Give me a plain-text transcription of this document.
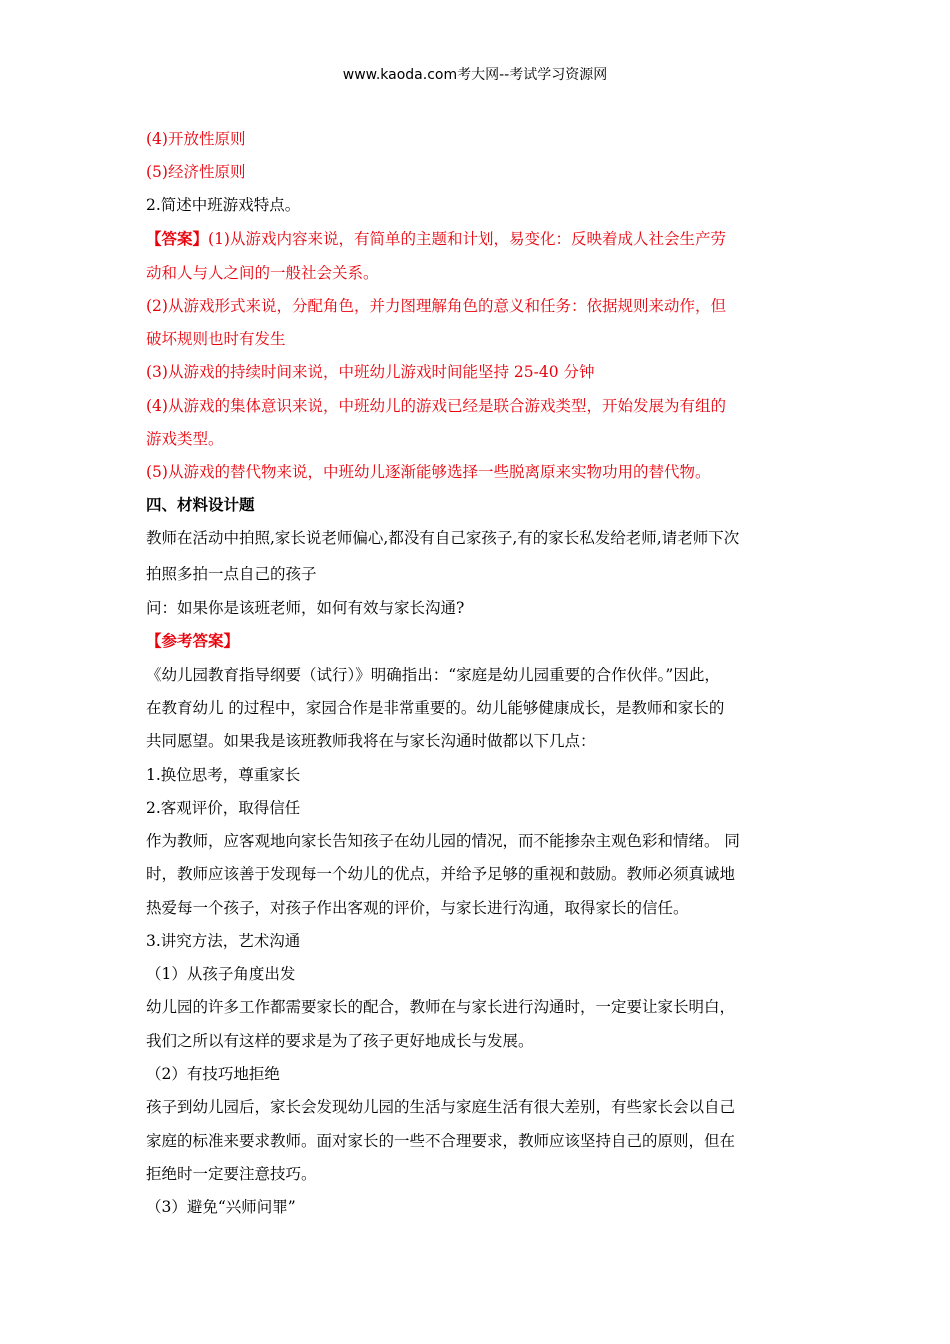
www.kaoda.com考大网--考试学习资源网
(4)开放性原则
(5)经济性原则
2.简述中班游戏特点。
【答案】(1)从游戏内容来说，有简单的主题和计划，易变化：反映着成人社会生产劳
动和人与人之间的一般社会关系。
(2)从游戏形式来说，分配角色，并力图理解角色的意义和任务：依据规则来动作，但
破坏规则也时有发生
(3)从游戏的持续时间来说，中班幼儿游戏时间能坚持 25-40 分钟
(4)从游戏的集体意识来说，中班幼儿的游戏已经是联合游戏类型，开始发展为有组的
游戏类型。
(5)从游戏的替代物来说，中班幼儿逐渐能够选择一些脱离原来实物功用的替代物。
四、材料设计题
教师在活动中拍照,家长说老师偏心,都没有自己家孩子,有的家长私发给老师,请老师下次
拍照多拍一点自己的孩子
问：如果你是该班老师，如何有效与家长沟通?
【参考答案】
《幼儿园教育指导纲要（试行）》明确指出：“家庭是幼儿园重要的合作伙伴。”因此，
在教育幼儿 的过程中，家园合作是非常重要的。幼儿能够健康成长，是教师和家长的
共同愿望。如果我是该班教师我将在与家长沟通时做都以下几点：
1.换位思考，尊重家长
2.客观评价，取得信任
作为教师，应客观地向家长告知孩子在幼儿园的情况，而不能掺杂主观色彩和情绪。 同
时，教师应该善于发现每一个幼儿的优点，并给予足够的重视和鼓励。教师必须真诚地
热爱每一个孩子，对孩子作出客观的评价，与家长进行沟通，取得家长的信任。
3.讲究方法，艺术沟通
（1）从孩子角度出发
幼儿园的许多工作都需要家长的配合，教师在与家长进行沟通时，一定要让家长明白，
我们之所以有这样的要求是为了孩子更好地成长与发展。
（2）有技巧地拒绝
孩子到幼儿园后，家长会发现幼儿园的生活与家庭生活有很大差别，有些家长会以自己
家庭的标准来要求教师。面对家长的一些不合理要求，教师应该坚持自己的原则，但在
拒绝时一定要注意技巧。
（3）避免“兴师问罪”
